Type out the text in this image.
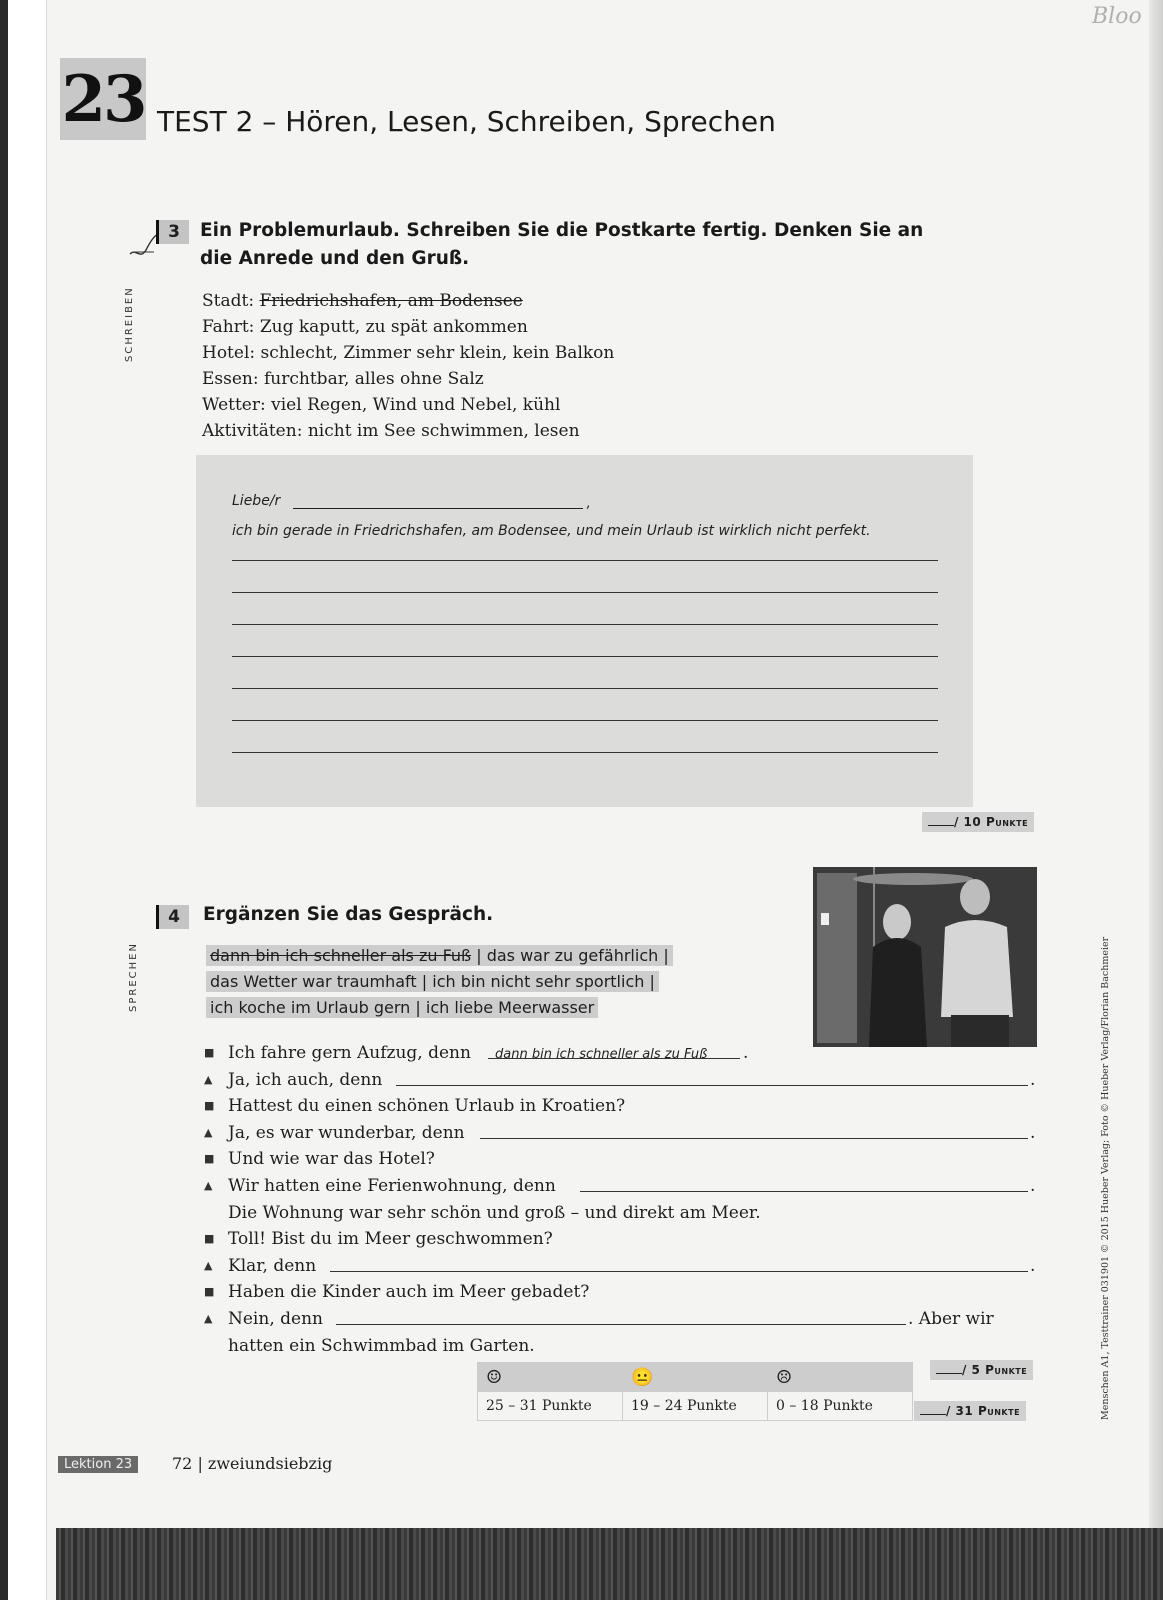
Bloo
23 TEST 2 – Hören, Lesen, Schreiben, Sprechen
SCHREIBEN
3	Ein Problemurlaub. Schreiben Sie die Postkarte fertig. Denken Sie an
die Anrede und den Gruß.
Stadt: Friedrichshafen, am Bodensee
Fahrt: Zug kaputt, zu spät ankommen
Hotel: schlecht, Zimmer sehr klein, kein Balkon
Essen: furchtbar, alles ohne Salz
Wetter: viel Regen, Wind und Nebel, kühl
Aktivitäten: nicht im See schwimmen, lesen
Liebe/r	,
ich bin gerade in Friedrichshafen, am Bodensee, und mein Urlaub ist wirklich nicht perfekt.
/ 10 Punkte
SPRECHEN
4	Ergänzen Sie das Gespräch.
dann bin ich schneller als zu Fuß | das war zu gefährlich |
das Wetter war traumhaft | ich bin nicht sehr sportlich |
ich koche im Urlaub gern | ich liebe Meerwasser
■ Ich fahre gern Aufzug, denn dann bin ich schneller als zu Fuß .
▲ Ja, ich auch, denn	.
■ Hattest du einen schönen Urlaub in Kroatien?
▲ Ja, es war wunderbar, denn	.
■ Und wie war das Hotel?
▲ Wir hatten eine Ferienwohnung, denn	.
Die Wohnung war sehr schön und groß – und direkt am Meer.
■ Toll! Bist du im Meer geschwommen?
▲ Klar, denn	.
■ Haben die Kinder auch im Meer gebadet?
▲ Nein, denn	. Aber wir
hatten ein Schwimmbad im Garten.
☺	😐	☹
25 – 31 Punkte	19 – 24 Punkte	0 – 18 Punkte
/ 5 Punkte
/ 31 Punkte	Menschen A1, Testtrainer 031901 © 2015 Hueber Verlag; Foto © Hueber Verlag/Florian Bachmeier
Lektion 23	72 | zweiundsiebzig
